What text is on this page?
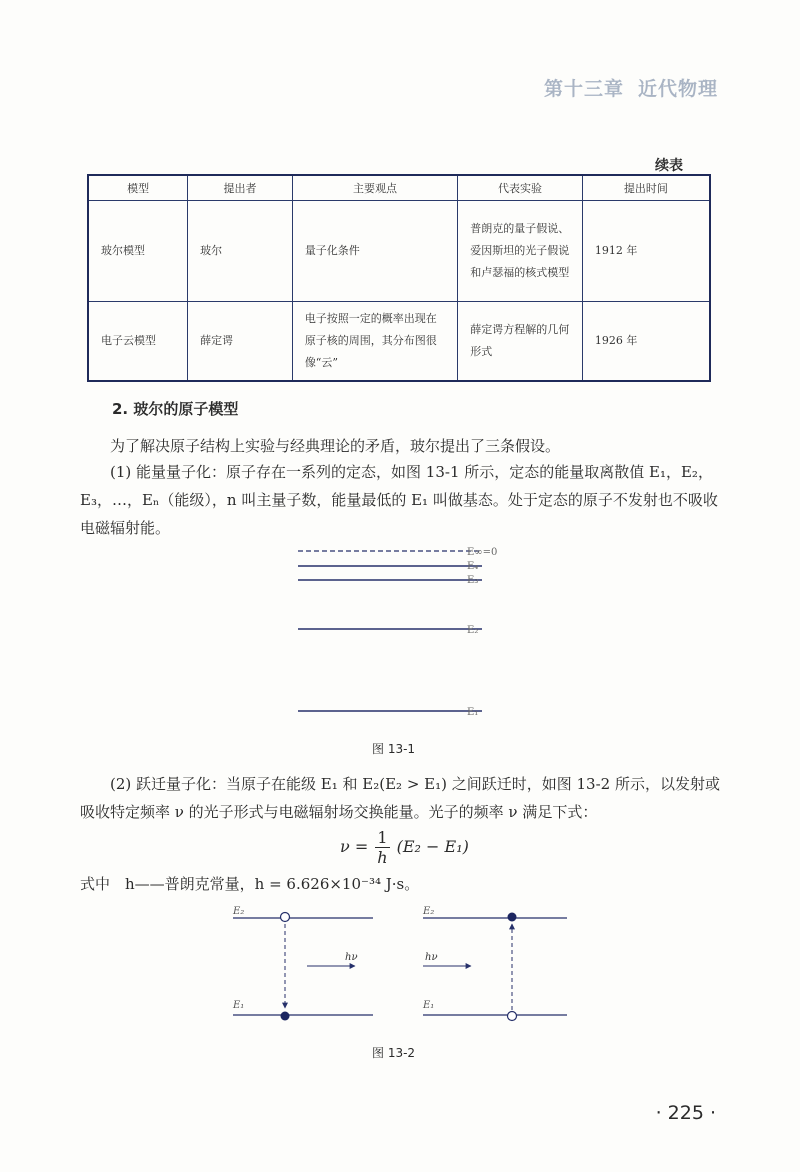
第十三章 近代物理
续表
模型	提出者	主要观点	代表实验	提出时间
玻尔模型	玻尔	量子化条件	普朗克的量子假说、爱因斯坦的光子假说和卢瑟福的核式模型	1912 年
电子云模型	薛定谔	电子按照一定的概率出现在原子核的周围，其分布图很像“云”	薛定谔方程解的几何形式	1926 年
2. 玻尔的原子模型
为了解决原子结构上实验与经典理论的矛盾，玻尔提出了三条假设。
(1) 能量量子化：原子存在一系列的定态，如图 13-1 所示，定态的能量取离散值 E₁，E₂，E₃，…，Eₙ（能级），n 叫主量子数，能量最低的 E₁ 叫做基态。处于定态的原子不发射也不吸收电磁辐射能。
E∞=0
E₄
E₃
E₂
E₁
图 13-1
(2) 跃迁量子化：当原子在能级 E₁ 和 E₂(E₂ > E₁) 之间跃迁时，如图 13-2 所示，以发射或吸收特定频率 ν 的光子形式与电磁辐射场交换能量。光子的频率 ν 满足下式：
$\nu = \frac{1}{h} (E_2 - E_1)$
式中　h——普朗克常量，h = 6.626×10⁻³⁴ J·s。
hν
E₂
E₁
hν
E₂
E₁
图 13-2
· 225 ·
